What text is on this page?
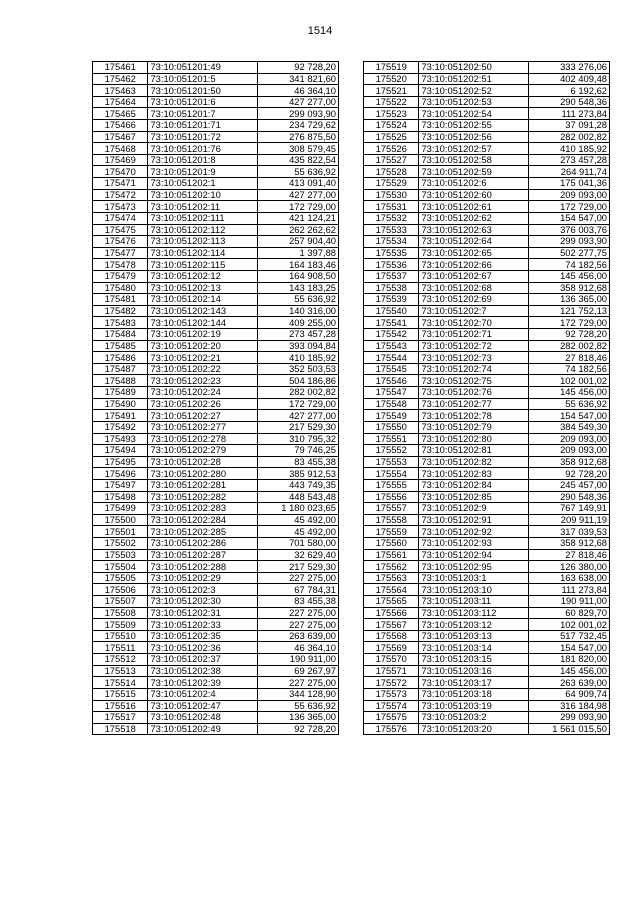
1514
175461	73:10:051201:49	92 728,20
175462	73:10:051201:5	341 821,60
175463	73:10:051201:50	46 364,10
175464	73:10:051201:6	427 277,00
175465	73:10:051201:7	299 093,90
175466	73:10:051201:71	234 729,62
175467	73:10:051201:72	276 875,50
175468	73:10:051201:76	308 579,45
175469	73:10:051201:8	435 822,54
175470	73:10:051201:9	55 636,92
175471	73:10:051202:1	413 091,40
175472	73:10:051202:10	427 277,00
175473	73:10:051202:11	172 729,00
175474	73:10:051202:111	421 124,21
175475	73:10:051202:112	262 262,62
175476	73:10:051202:113	257 904,40
175477	73:10:051202:114	1 397,88
175478	73:10:051202:115	164 183,46
175479	73:10:051202:12	164 908,50
175480	73:10:051202:13	143 183,25
175481	73:10:051202:14	55 636,92
175482	73:10:051202:143	140 316,00
175483	73:10:051202:144	409 255,00
175484	73:10:051202:19	273 457,28
175485	73:10:051202:20	393 094,84
175486	73:10:051202:21	410 185,92
175487	73:10:051202:22	352 503,53
175488	73:10:051202:23	504 186,86
175489	73:10:051202:24	282 002,82
175490	73:10:051202:26	172 729,00
175491	73:10:051202:27	427 277,00
175492	73:10:051202:277	217 529,30
175493	73:10:051202:278	310 795,32
175494	73:10:051202:279	79 746,25
175495	73:10:051202:28	83 455,38
175496	73:10:051202:280	385 912,53
175497	73:10:051202:281	443 749,35
175498	73:10:051202:282	448 543,48
175499	73:10:051202:283	1 180 023,65
175500	73:10:051202:284	45 492,00
175501	73:10:051202:285	45 492,00
175502	73:10:051202:286	701 580,00
175503	73:10:051202:287	32 629,40
175504	73:10:051202:288	217 529,30
175505	73:10:051202:29	227 275,00
175506	73:10:051202:3	67 784,31
175507	73:10:051202:30	83 455,38
175508	73:10:051202:31	227 275,00
175509	73:10:051202:33	227 275,00
175510	73:10:051202:35	263 639,00
175511	73:10:051202:36	46 364,10
175512	73:10:051202:37	190 911,00
175513	73:10:051202:38	69 267,97
175514	73:10:051202:39	227 275,00
175515	73:10:051202:4	344 128,90
175516	73:10:051202:47	55 636,92
175517	73:10:051202:48	136 365,00
175518	73:10:051202:49	92 728,20
175519	73:10:051202:50	333 276,06
175520	73:10:051202:51	402 409,48
175521	73:10:051202:52	6 192,62
175522	73:10:051202:53	290 548,36
175523	73:10:051202:54	111 273,84
175524	73:10:051202:55	37 091,28
175525	73:10:051202:56	282 002,82
175526	73:10:051202:57	410 185,92
175527	73:10:051202:58	273 457,28
175528	73:10:051202:59	264 911,74
175529	73:10:051202:6	175 041,36
175530	73:10:051202:60	209 093,00
175531	73:10:051202:61	172 729,00
175532	73:10:051202:62	154 547,00
175533	73:10:051202:63	376 003,76
175534	73:10:051202:64	299 093,90
175535	73:10:051202:65	502 277,75
175536	73:10:051202:66	74 182,56
175537	73:10:051202:67	145 456,00
175538	73:10:051202:68	358 912,68
175539	73:10:051202:69	136 365,00
175540	73:10:051202:7	121 752,13
175541	73:10:051202:70	172 729,00
175542	73:10:051202:71	92 728,20
175543	73:10:051202:72	282 002,82
175544	73:10:051202:73	27 818,46
175545	73:10:051202:74	74 182,56
175546	73:10:051202:75	102 001,02
175547	73:10:051202:76	145 456,00
175548	73:10:051202:77	55 636,92
175549	73:10:051202:78	154 547,00
175550	73:10:051202:79	384 549,30
175551	73:10:051202:80	209 093,00
175552	73:10:051202:81	209 093,00
175553	73:10:051202:82	358 912,68
175554	73:10:051202:83	92 728,20
175555	73:10:051202:84	245 457,00
175556	73:10:051202:85	290 548,36
175557	73:10:051202:9	767 149,91
175558	73:10:051202:91	209 911,19
175559	73:10:051202:92	317 039,53
175560	73:10:051202:93	358 912,68
175561	73:10:051202:94	27 818,46
175562	73:10:051202:95	126 380,00
175563	73:10:051203:1	163 638,00
175564	73:10:051203:10	111 273,84
175565	73:10:051203:11	190 911,00
175566	73:10:051203:112	60 829,70
175567	73:10:051203:12	102 001,02
175568	73:10:051203:13	517 732,45
175569	73:10:051203:14	154 547,00
175570	73:10:051203:15	181 820,00
175571	73:10:051203:16	145 456,00
175572	73:10:051203:17	263 639,00
175573	73:10:051203:18	64 909,74
175574	73:10:051203:19	316 184,98
175575	73:10:051203:2	299 093,90
175576	73:10:051203:20	1 561 015,50
